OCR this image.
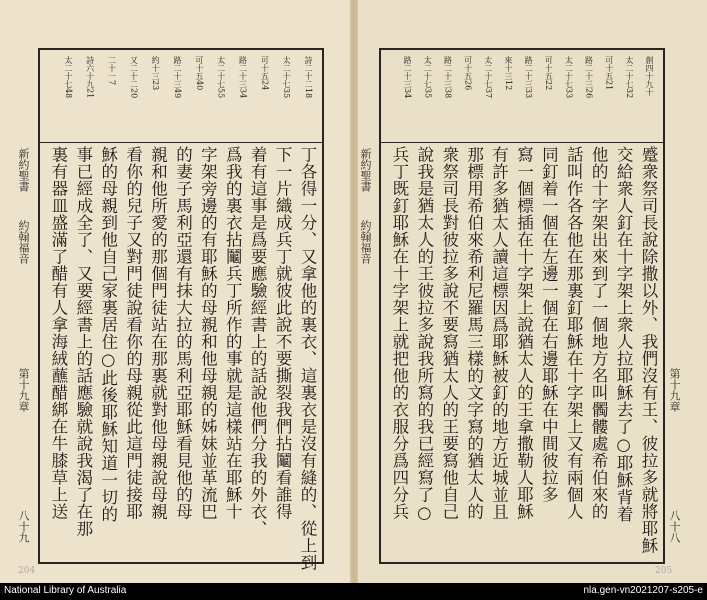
詩二十二18
太二十七35
可十五24
路二十三34
太二十七55
可十五40
路二十三49
約十三23
又二十二20
二十一7
詩六十九21
太二十七48
丁各得一分、又拿他的裏衣、這裏衣是沒有縫的、從上到
下一片織成兵丁就彼此說不要撕裂我們拈鬮看誰得
着有這事是爲要應驗經書上的話說他們分我的外衣、
爲我的裏衣拈鬮兵丁所作的事就是這樣站在耶穌十
字架旁邊的有耶穌的母親和他母親的姊妹並革流巴
的妻子馬利亞還有抹大拉的馬利亞耶穌看見他的母
親和他所愛的那個門徒站在那裏就對他母親說母親
看你的兒子又對門徒說看你的母親從此這門徒接耶
穌的母親到他自己家裏居住○此後耶穌知道一切的
事已經成全了、又要經書上的話應驗就說我渴了在那
裏有器皿盛滿了醋有人拿海絨蘸醋綁在牛膝草上送
新約聖書
約翰福音
第十九章
八十九
創四十九十
太二十七32
可十五21
路二十三26
太二十七33
可十五22
路二十三33
來十三12
太二十七37
可十五26
路二十三38
太二十七35
路二十三34
蹙衆祭司長說除撒以外、我們沒有王、彼拉多就將耶穌
交給衆人釘在十字架上衆人拉耶穌去了○耶穌背着
他的十字架出來到了一個地方名叫髑髏處希伯來的
話叫作各各他在那裏釘耶穌在十字架上又有兩個人
同釘着一個在左邊一個在右邊耶穌在中間彼拉多
寫一個標插在十字架上說猶太人的王拿撒勒人耶穌
有許多猶太人讀這標因爲耶穌被釘的地方近城並且
那標用希伯來希利尼羅馬三樣的文字寫的猶太人的
衆祭司長對彼拉多說不要寫猶太人的王要寫他自己
說我是猶太人的王彼拉多說我所寫的我已經寫了○
兵丁既釘耶穌在十字架上就把他的衣服分爲四分兵
新約聖書
約翰福音
第十九章
八十八
204	205
National Library of Australia	nla.gen-vn2021207-s205-e
